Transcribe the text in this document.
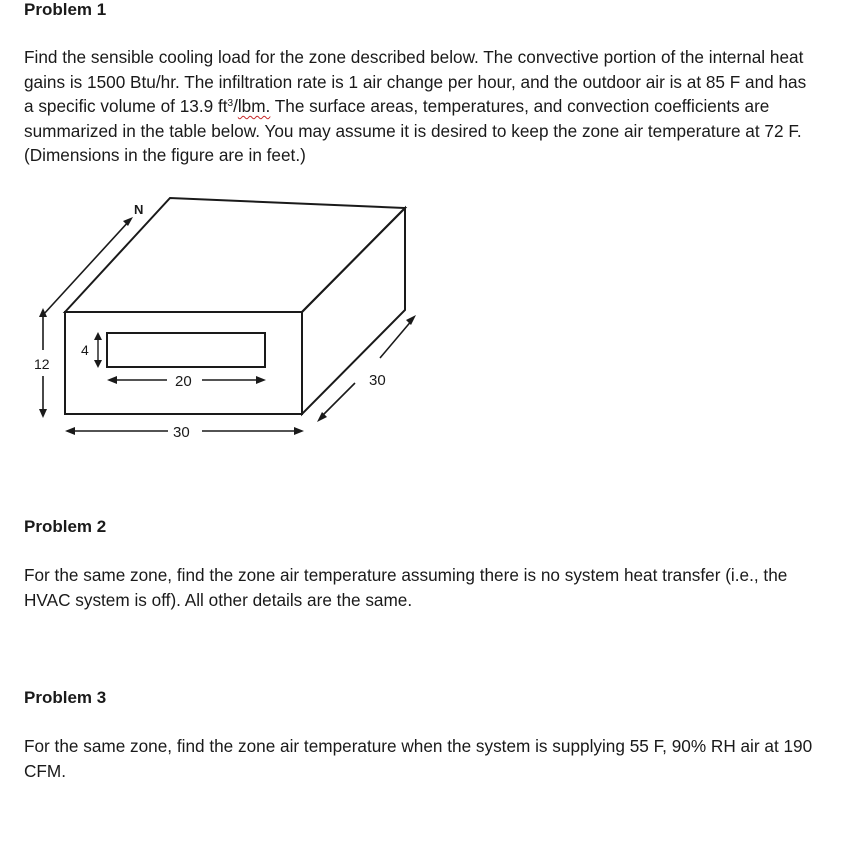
Problem 1

Find the sensible cooling load for the zone described below. The convective portion of the internal heat gains is 1500 Btu/hr. The infiltration rate is 1 air change per hour, and the outdoor air is at 85 F and has a specific volume of 13.9 $ft^3$/lbm. The surface areas, temperatures, and convection coefficients are summarized in the table below. You may assume it is desired to keep the zone air temperature at 72 F. (Dimensions in the figure are in feet.)

N
12
4
20
30
30
Problem 2

For the same zone, find the zone air temperature assuming there is no system heat transfer (i.e., the HVAC system is off). All other details are the same.

Problem 3

For the same zone, find the zone air temperature when the system is supplying 55 F, 90% RH air at 190 CFM.
